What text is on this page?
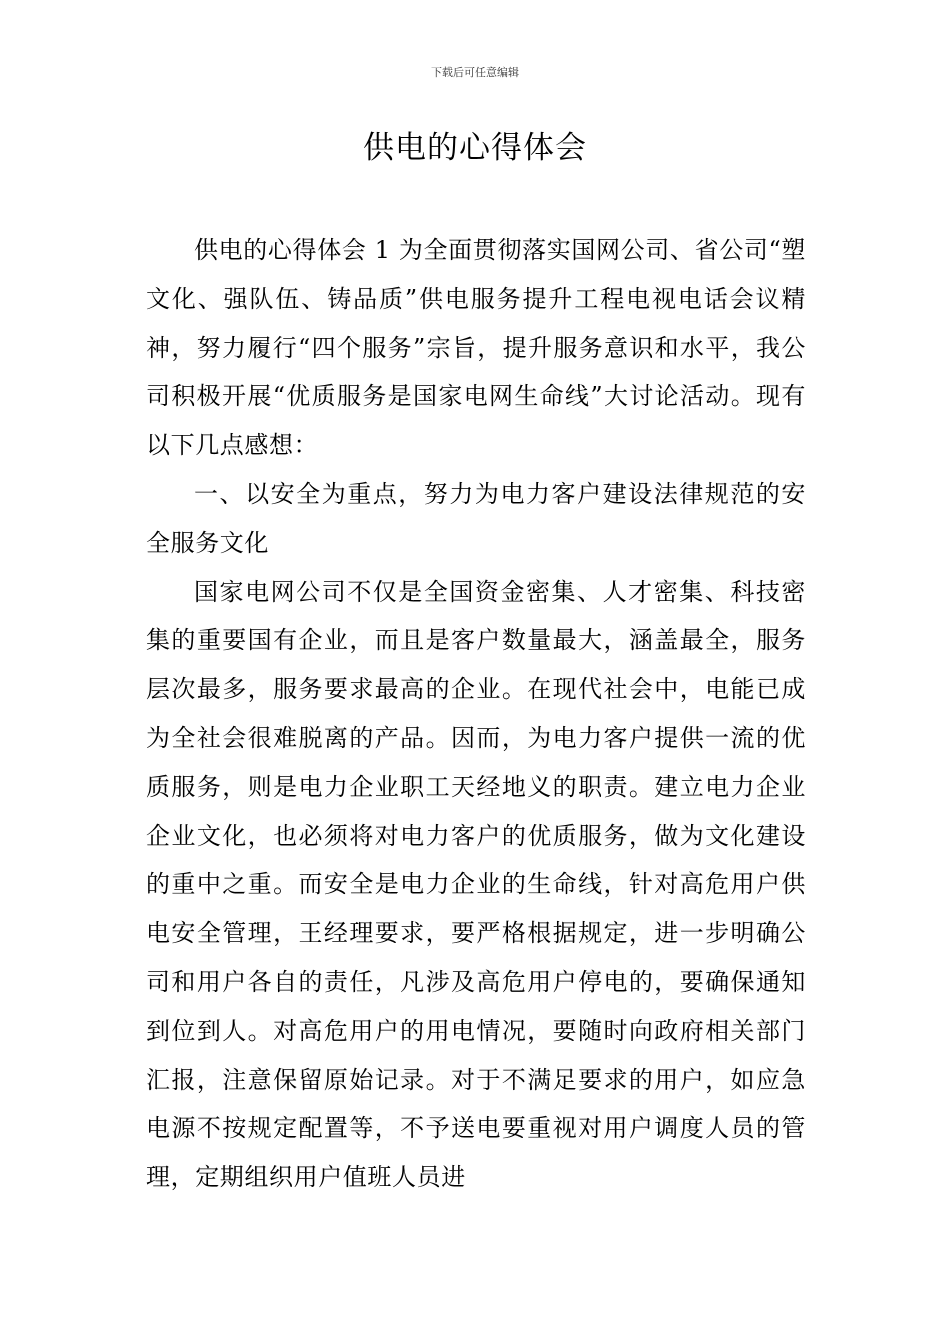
下载后可任意编辑
供电的心得体会

供电的心得体会 1 为全面贯彻落实国网公司、省公司“塑文化、强队伍、铸品质”供电服务提升工程电视电话会议精神，努力履行“四个服务”宗旨，提升服务意识和水平，我公司积极开展“优质服务是国家电网生命线”大讨论活动。现有以下几点感想：

一、以安全为重点，努力为电力客户建设法律规范的安全服务文化

国家电网公司不仅是全国资金密集、人才密集、科技密集的重要国有企业，而且是客户数量最大，涵盖最全，服务层次最多，服务要求最高的企业。在现代社会中，电能已成为全社会很难脱离的产品。因而，为电力客户提供一流的优质服务，则是电力企业职工天经地义的职责。建立电力企业企业文化，也必须将对电力客户的优质服务，做为文化建设的重中之重。而安全是电力企业的生命线，针对高危用户供电安全管理，王经理要求，要严格根据规定，进一步明确公司和用户各自的责任，凡涉及高危用户停电的，要确保通知到位到人。对高危用户的用电情况，要随时向政府相关部门汇报，注意保留原始记录。对于不满足要求的用户，如应急电源不按规定配置等，不予送电要重视对用户调度人员的管理，定期组织用户值班人员进
